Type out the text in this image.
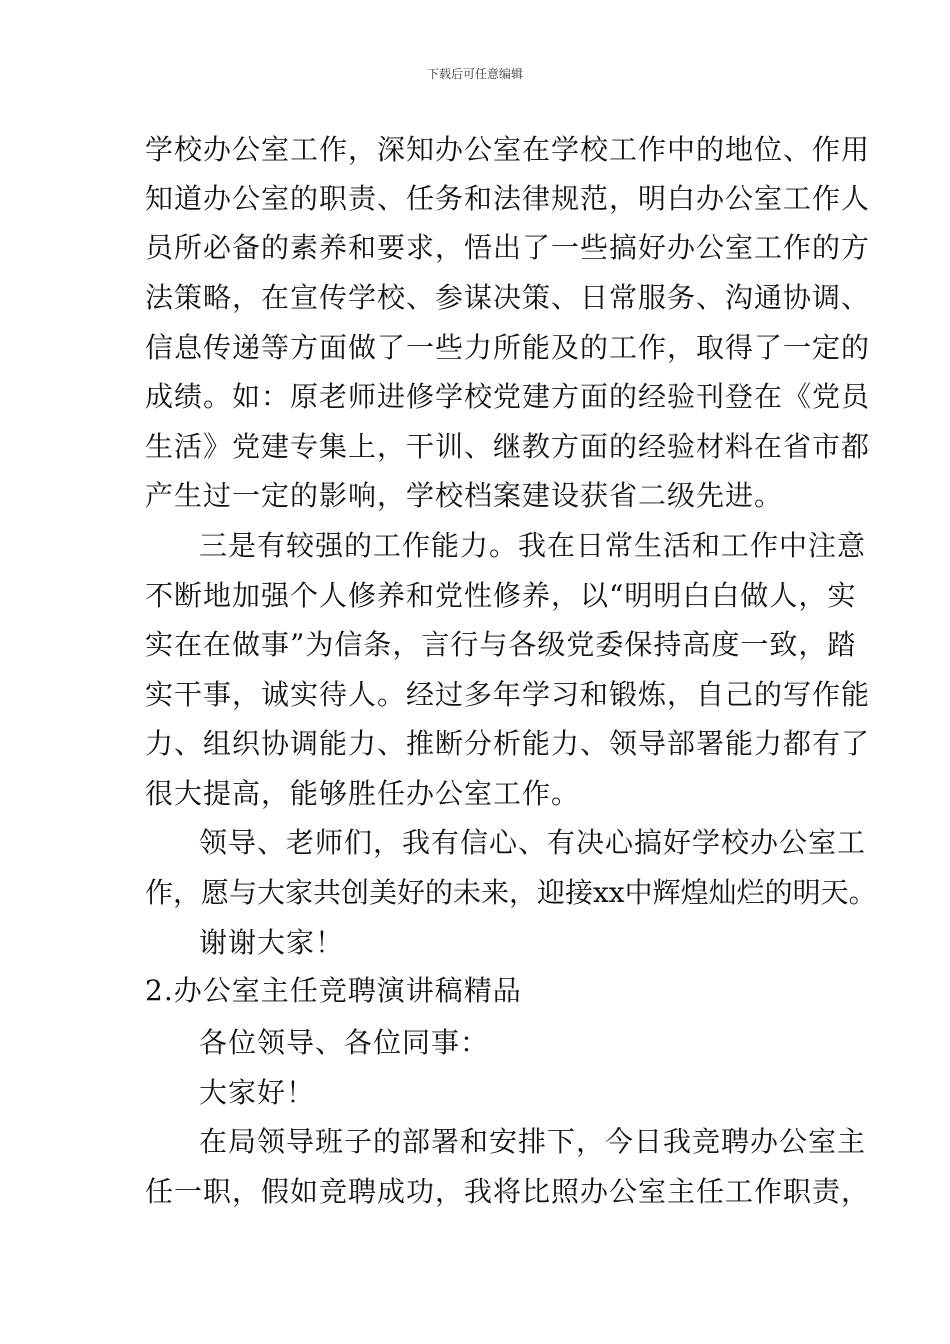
下载后可任意编辑
学校办公室工作，深知办公室在学校工作中的地位、作用
知道办公室的职责、任务和法律规范，明白办公室工作人
员所必备的素养和要求，悟出了一些搞好办公室工作的方
法策略，在宣传学校、参谋决策、日常服务、沟通协调、
信息传递等方面做了一些力所能及的工作，取得了一定的
成绩。如：原老师进修学校党建方面的经验刊登在《党员
生活》党建专集上，干训、继教方面的经验材料在省市都
产生过一定的影响，学校档案建设获省二级先进。
三是有较强的工作能力。我在日常生活和工作中注意
不断地加强个人修养和党性修养，以“明明白白做人，实
实在在做事”为信条，言行与各级党委保持高度一致，踏
实干事，诚实待人。经过多年学习和锻炼，自己的写作能
力、组织协调能力、推断分析能力、领导部署能力都有了
很大提高，能够胜任办公室工作。
领导、老师们，我有信心、有决心搞好学校办公室工
作，愿与大家共创美好的未来，迎接xx中辉煌灿烂的明天。
谢谢大家！
2.办公室主任竞聘演讲稿精品
各位领导、各位同事：
大家好！
在局领导班子的部署和安排下，今日我竞聘办公室主
任一职，假如竞聘成功，我将比照办公室主任工作职责，
